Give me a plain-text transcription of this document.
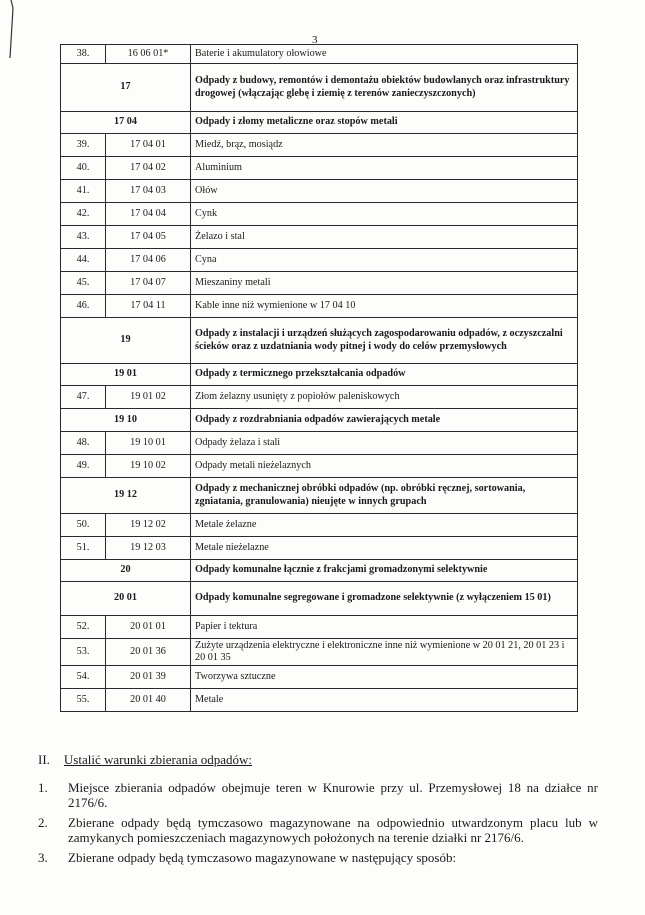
3
38.	16 06 01*	Baterie i akumulatory ołowiowe
17		Odpady z budowy, remontów i demontażu obiektów budowlanych oraz infrastruktury drogowej (włączając glebę i ziemię z terenów zanieczyszczonych)
17 04		Odpady i złomy metaliczne oraz stopów metali
39.	17 04 01	Miedź, brąz, mosiądz
40.	17 04 02	Aluminium
41.	17 04 03	Ołów
42.	17 04 04	Cynk
43.	17 04 05	Żelazo i stal
44.	17 04 06	Cyna
45.	17 04 07	Mieszaniny metali
46.	17 04 11	Kable inne niż wymienione w 17 04 10
19		Odpady z instalacji i urządzeń służących zagospodarowaniu odpadów, z oczyszczalni ścieków oraz z uzdatniania wody pitnej i wody do celów przemysłowych
19 01		Odpady z termicznego przekształcania odpadów
47.	19 01 02	Złom żelazny usunięty z popiołów paleniskowych
19 10		Odpady z rozdrabniania odpadów zawierających metale
48.	19 10 01	Odpady żelaza i stali
49.	19 10 02	Odpady metali nieżelaznych
19 12		Odpady z mechanicznej obróbki odpadów (np. obróbki ręcznej, sortowania, zgniatania, granulowania) nieujęte w innych grupach
50.	19 12 02	Metale żelazne
51.	19 12 03	Metale nieżelazne
20		Odpady komunalne łącznie z frakcjami gromadzonymi selektywnie
20 01		Odpady komunalne segregowane i gromadzone selektywnie (z wyłączeniem 15 01)
52.	20 01 01	Papier i tektura
53.	20 01 36	Zużyte urządzenia elektryczne i elektroniczne inne niż wymienione w 20 01 21, 20 01 23 i 20 01 35
54.	20 01 39	Tworzywa sztuczne
55.	20 01 40	Metale
II. Ustalić warunki zbierania odpadów:
1.	Miejsce zbierania odpadów obejmuje teren w Knurowie przy ul. Przemysłowej 18 na działce nr 2176/6.
2.	Zbierane odpady będą tymczasowo magazynowane na odpowiednio utwardzonym placu lub w zamykanych pomieszczeniach magazynowych położonych na terenie działki nr 2176/6.
3.	Zbierane odpady będą tymczasowo magazynowane w następujący sposób:
